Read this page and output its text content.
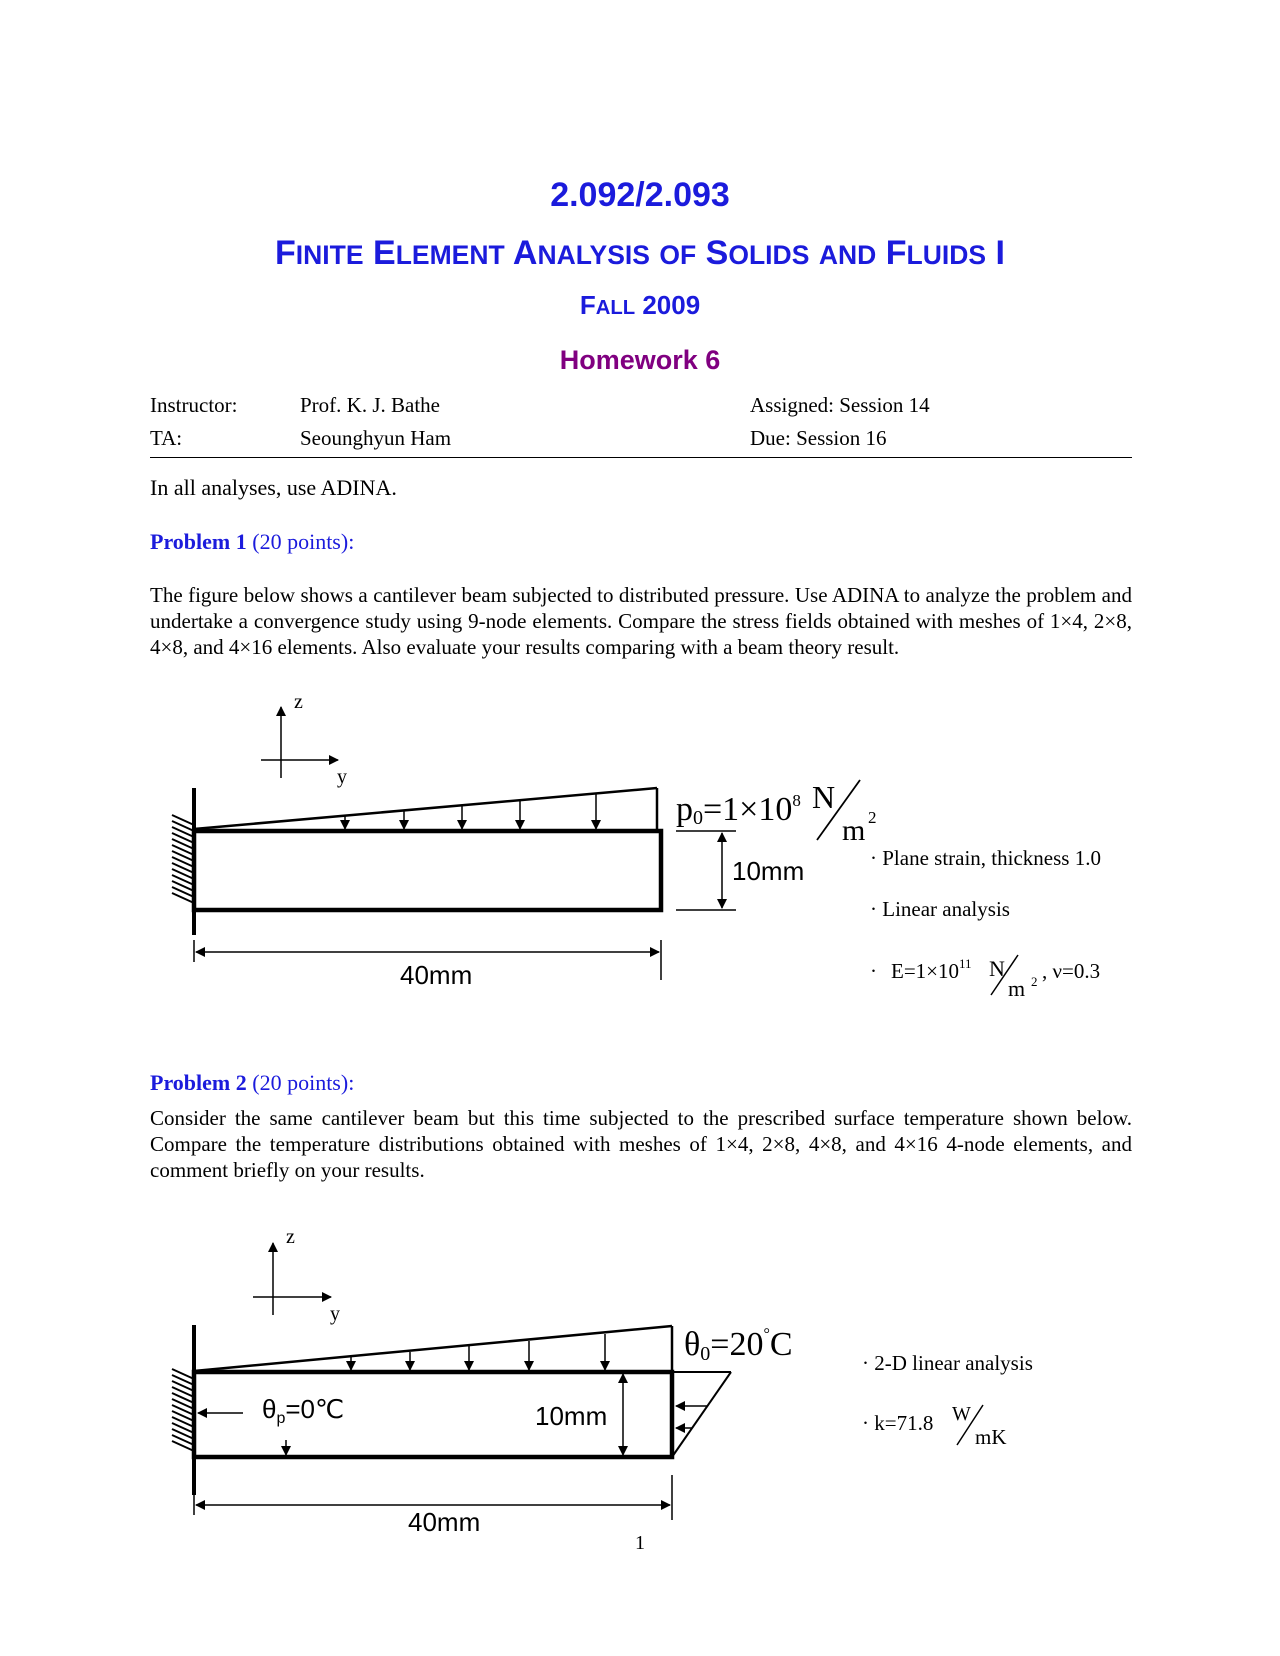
2.092/2.093
FINITE ELEMENT ANALYSIS OF SOLIDS AND FLUIDS I
FALL 2009
Homework 6
Instructor:	Prof. K. J. Bathe	Assigned: Session 14
TA:	Seounghyun Ham	Due: Session 16
In all analyses, use ADINA.
Problem 1 (20 points):
The figure below shows a cantilever beam subjected to distributed pressure. Use ADINA to analyze the problem and undertake a convergence study using 9-node elements. Compare the stress fields obtained with meshes of 1×4, 2×8, 4×8, and 4×16 elements. Also evaluate your results comparing with a beam theory result.
z
y
10mm
40mm
$p0=1\times 10^8$ N
m 2
· Plane strain, thickness 1.0
· Linear analysis
· $E=1\times 10^{11}$ N
m 2 , ν=0.3
Problem 2 (20 points):
Consider the same cantilever beam but this time subjected to the prescribed surface temperature shown below. Compare the temperature distributions obtained with meshes of 1×4, 2×8, 4×8, and 4×16 4-node elements, and comment briefly on your results.
z
y
10mm
40mm
θp=0℃
θ0=20°C	· 2-D linear analysis
· k=71.8 W
mK
1
